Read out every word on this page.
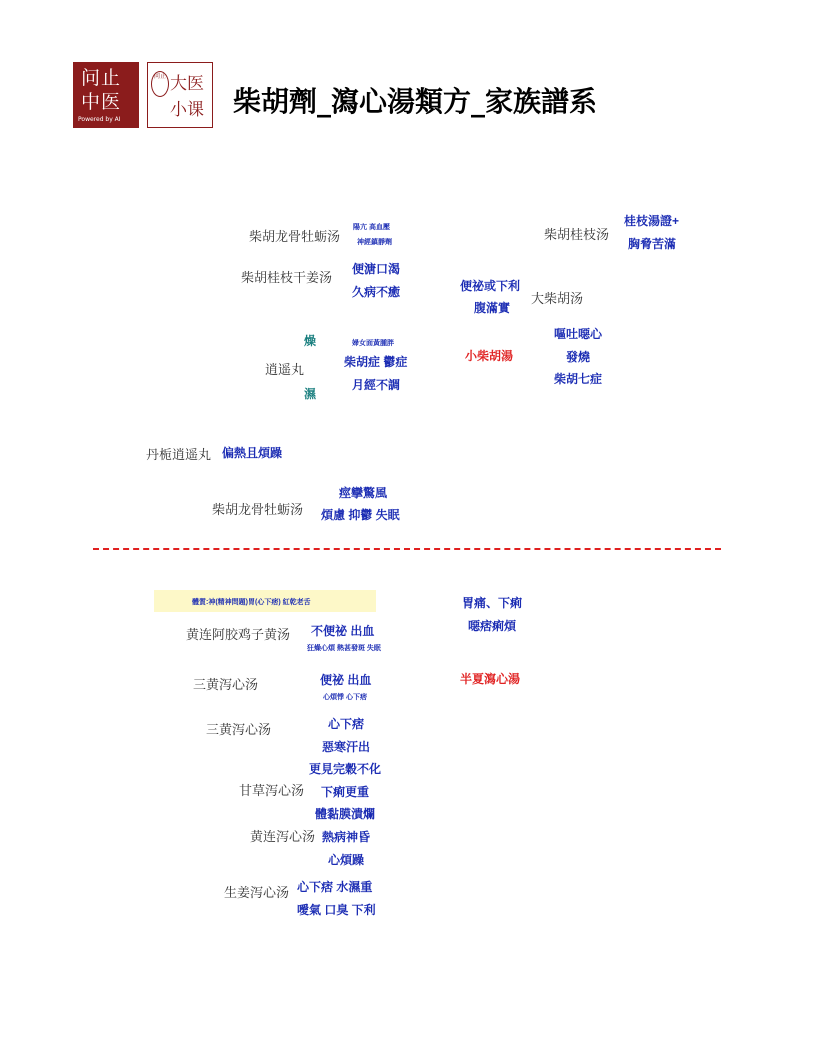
问止
中医
Powered by AI
问止 大医
小课 柴胡劑_瀉心湯類方_家族譜系
柴胡龙骨牡蛎汤
陽亢 高血壓
神經鎮靜劑
柴胡桂枝干姜汤
便溏口渴
久病不癒
柴胡桂枝汤
桂枝湯證+
胸脅苦滿
大柴胡汤
便祕或下利
腹滿實
小柴胡湯
嘔吐噁心
發燒
柴胡七症
逍遥丸
燥
濕
婦女面黃腫胖
柴胡症 鬱症
月經不調
丹栀逍遥丸 偏熱且煩躁
柴胡龙骨牡蛎汤
痙攣驚風
煩慮 抑鬱 失眠
體質:神(精神問題)胃(心下痞) 紅乾老舌
黄连阿胶鸡子黄汤 不便祕 出血
狂燥心煩 熱甚發斑 失眠
胃痛、下痢
噁痞痢煩
半夏瀉心湯
三黄泻心汤	便祕 出血
心煩悸 心下痞
三黄泻心汤	心下痞
惡寒汗出
甘草泻心汤
更見完穀不化
下痢更重
體黏膜潰爛
黄连泻心汤 熱病神昏
心煩躁
生姜泻心汤 心下痞 水濕重
噯氣 口臭 下利
